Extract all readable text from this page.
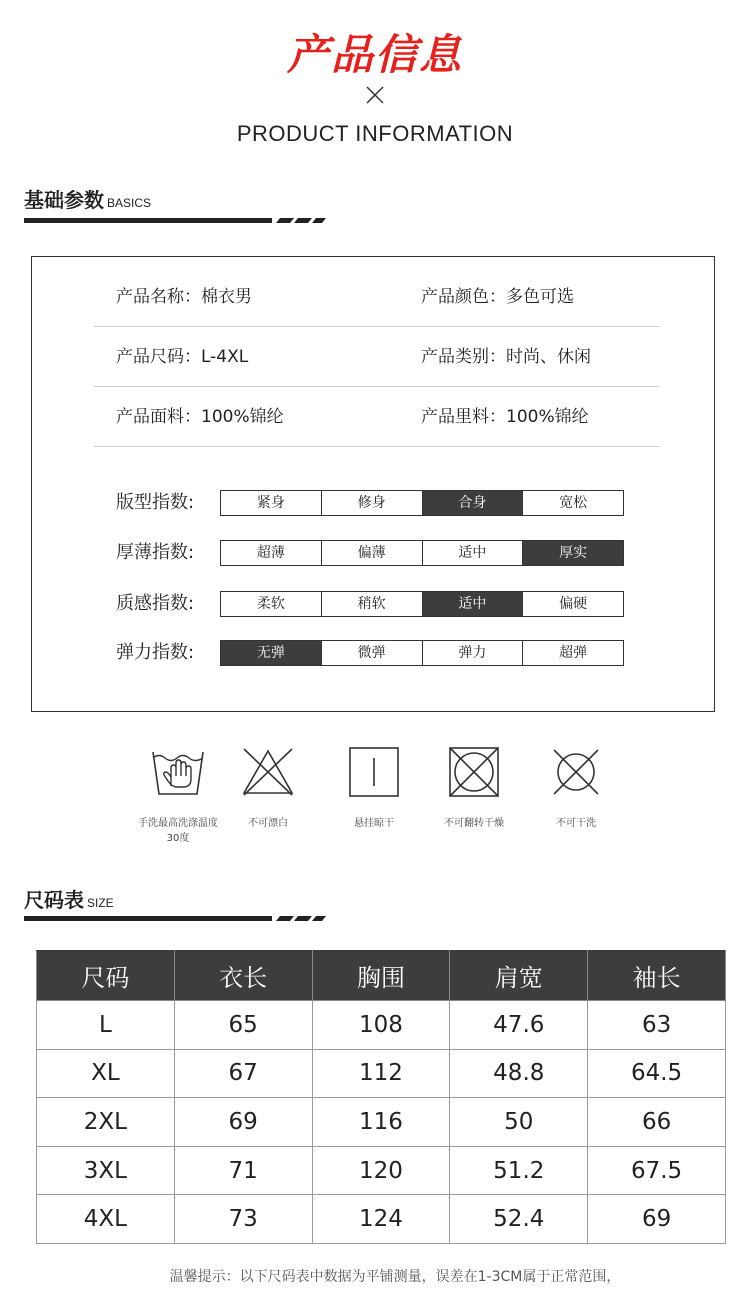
产品信息
PRODUCT INFORMATION
基础参数 BASICS
产品名称：棉衣男	产品颜色：多色可选
产品尺码：L-4XL	产品类别：时尚、休闲
产品面料：100%锦纶	产品里料：100%锦纶
版型指数:	紧身	修身	合身	宽松
厚薄指数:	超薄	偏薄	适中	厚实
质感指数:	柔软	稍软	适中	偏硬
弹力指数:	无弹	微弹	弹力	超弹
手洗最高洗涤温度30度
不可漂白	悬挂晾干	不可翻转干燥	不可干洗
尺码表 SIZE
尺码	衣长	胸围	肩宽	袖长
L	65	108	47.6	63
XL	67	112	48.8	64.5
2XL	69	116	50	66
3XL	71	120	51.2	67.5
4XL	73	124	52.4	69
温馨提示：以下尺码表中数据为平铺测量，误差在1-3CM属于正常范围，
